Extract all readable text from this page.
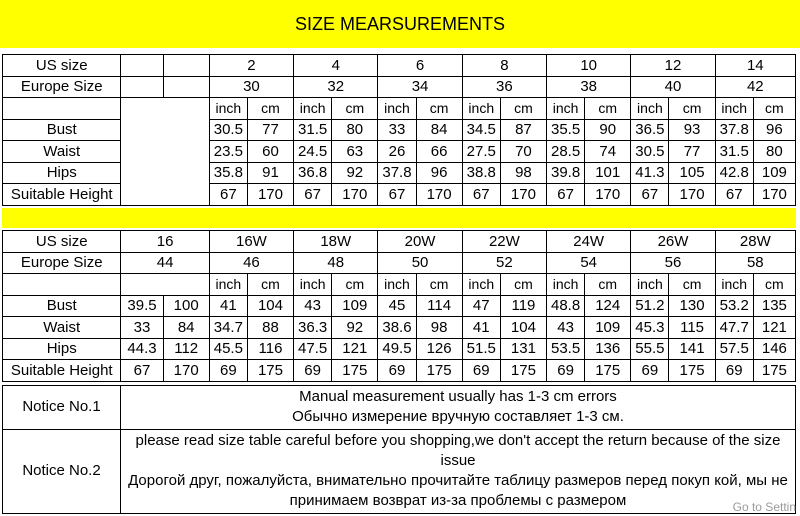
SIZE MEARSUREMENTS
US size			2		4		6		8		10		12		14	
Europe Size			30		32		34		36		38		40		42	
			inch	cm	inch	cm	inch	cm	inch	cm	inch	cm	inch	cm	inch	cm
Bust			30.5	77	31.5	80	33	84	34.5	87	35.5	90	36.5	93	37.8	96
Waist			23.5	60	24.5	63	26	66	27.5	70	28.5	74	30.5	77	31.5	80
Hips			35.8	91	36.8	92	37.8	96	38.8	98	39.8	101	41.3	105	42.8	109
Suitable Height			67	170	67	170	67	170	67	170	67	170	67	170	67	170
US size	16		16W		18W		20W		22W		24W		26W		28W	
Europe Size	44		46		48		50		52		54		56		58	
			inch	cm	inch	cm	inch	cm	inch	cm	inch	cm	inch	cm	inch	cm
Bust	39.5	100	41	104	43	109	45	114	47	119	48.8	124	51.2	130	53.2	135
Waist	33	84	34.7	88	36.3	92	38.6	98	41	104	43	109	45.3	115	47.7	121
Hips	44.3	112	45.5	116	47.5	121	49.5	126	51.5	131	53.5	136	55.5	141	57.5	146
Suitable Height	67	170	69	175	69	175	69	175	69	175	69	175	69	175	69	175
Notice No.1	Manual measurement usually has 1-3 cm errors
Обычно измерение вручную составляет 1-3 см.

Notice No.2	please read size table careful before you shopping,we don't accept the return because of the size issue
Дорогой друг, пожалуйста, внимательно прочитайте таблицу размеров перед покуп кой, мы не принимаем возврат из-за проблемы с размером	Go to Settin
